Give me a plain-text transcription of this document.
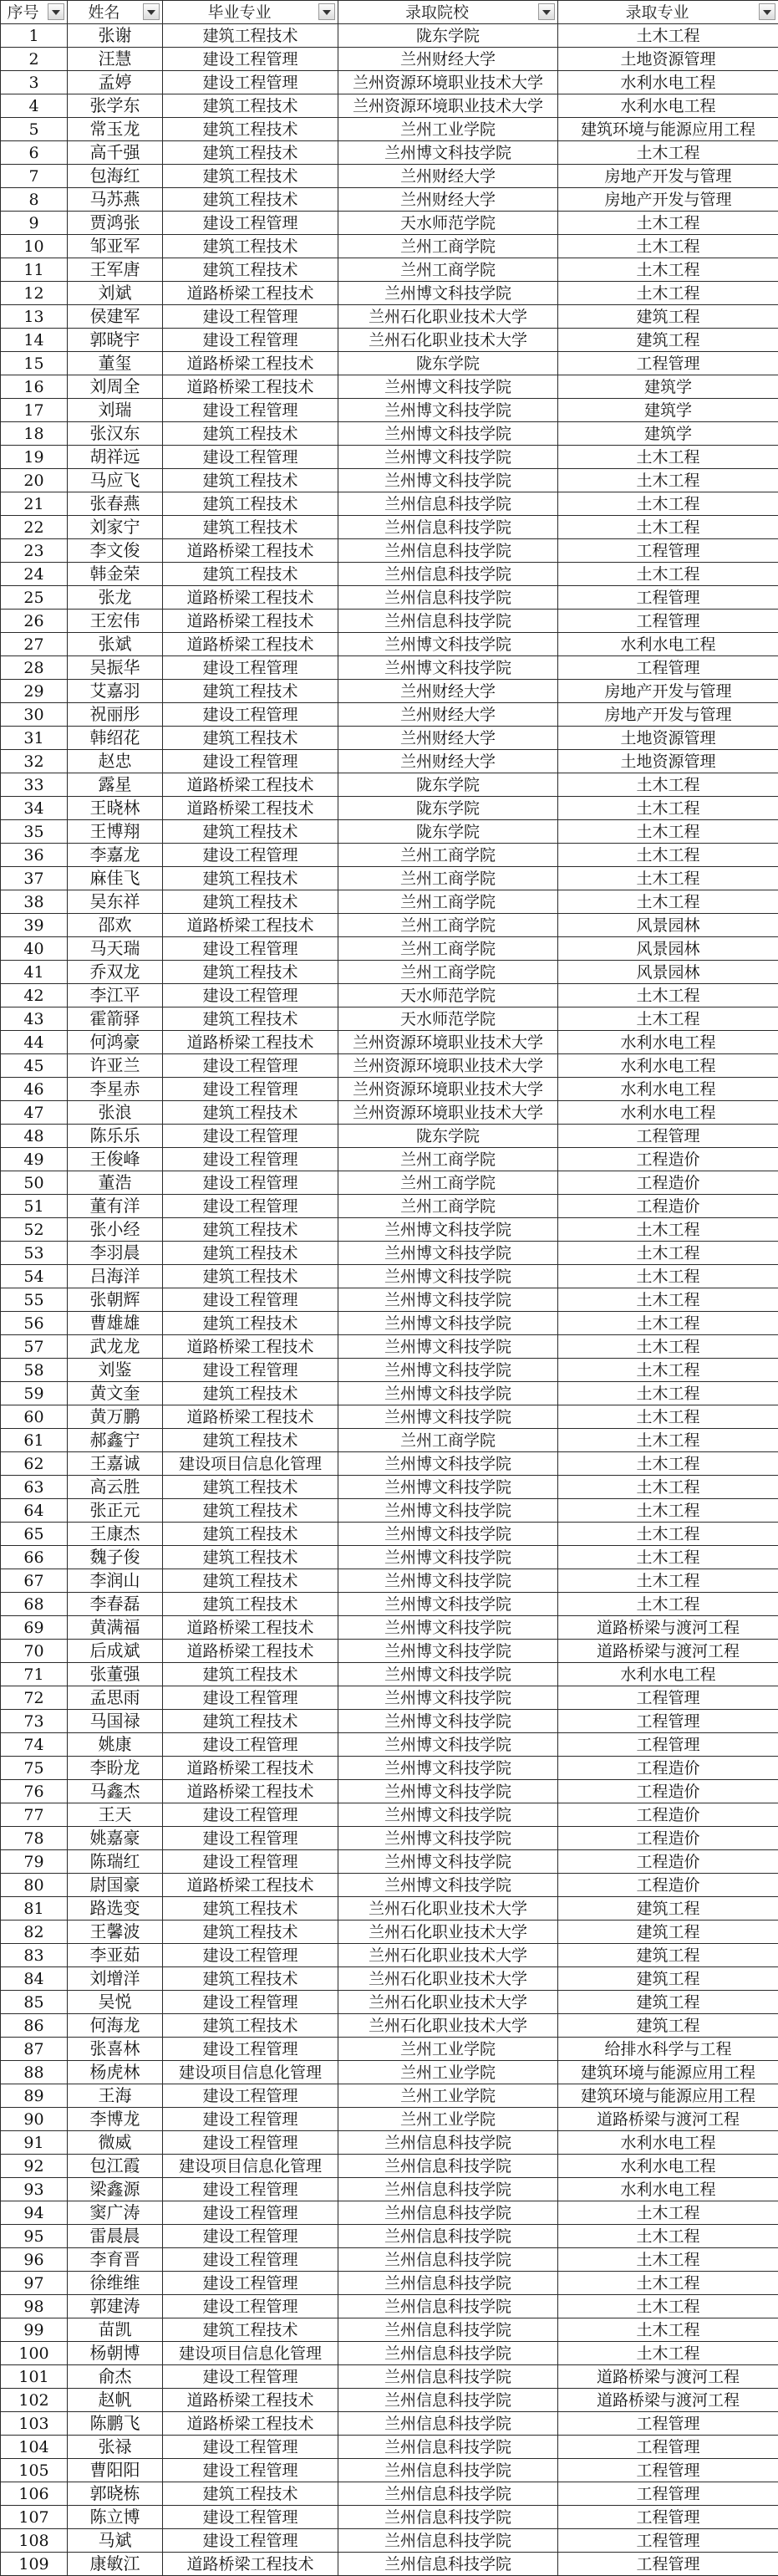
序号	姓名	毕业专业	录取院校	录取专业

1	张谢	建筑工程技术	陇东学院	土木工程
2	汪慧	建设工程管理	兰州财经大学	土地资源管理
3	孟婷	建设工程管理	兰州资源环境职业技术大学	水利水电工程
4	张学东	建筑工程技术	兰州资源环境职业技术大学	水利水电工程
5	常玉龙	建筑工程技术	兰州工业学院	建筑环境与能源应用工程
6	高千强	建筑工程技术	兰州博文科技学院	土木工程
7	包海红	建筑工程技术	兰州财经大学	房地产开发与管理
8	马苏燕	建筑工程技术	兰州财经大学	房地产开发与管理
9	贾鸿张	建设工程管理	天水师范学院	土木工程
10	邹亚军	建筑工程技术	兰州工商学院	土木工程
11	王军唐	建筑工程技术	兰州工商学院	土木工程
12	刘斌	道路桥梁工程技术	兰州博文科技学院	土木工程
13	侯建军	建设工程管理	兰州石化职业技术大学	建筑工程
14	郭晓宇	建设工程管理	兰州石化职业技术大学	建筑工程
15	董玺	道路桥梁工程技术	陇东学院	工程管理
16	刘周全	道路桥梁工程技术	兰州博文科技学院	建筑学
17	刘瑞	建设工程管理	兰州博文科技学院	建筑学
18	张汉东	建筑工程技术	兰州博文科技学院	建筑学
19	胡祥远	建设工程管理	兰州博文科技学院	土木工程
20	马应飞	建筑工程技术	兰州博文科技学院	土木工程
21	张春燕	建筑工程技术	兰州信息科技学院	土木工程
22	刘家宁	建筑工程技术	兰州信息科技学院	土木工程
23	李文俊	道路桥梁工程技术	兰州信息科技学院	工程管理
24	韩金荣	建筑工程技术	兰州信息科技学院	土木工程
25	张龙	道路桥梁工程技术	兰州信息科技学院	工程管理
26	王宏伟	道路桥梁工程技术	兰州信息科技学院	工程管理
27	张斌	道路桥梁工程技术	兰州博文科技学院	水利水电工程
28	吴振华	建设工程管理	兰州博文科技学院	工程管理
29	艾嘉羽	建筑工程技术	兰州财经大学	房地产开发与管理
30	祝丽彤	建设工程管理	兰州财经大学	房地产开发与管理
31	韩绍花	建筑工程技术	兰州财经大学	土地资源管理
32	赵忠	建设工程管理	兰州财经大学	土地资源管理
33	露星	道路桥梁工程技术	陇东学院	土木工程
34	王晓林	道路桥梁工程技术	陇东学院	土木工程
35	王博翔	建筑工程技术	陇东学院	土木工程
36	李嘉龙	建设工程管理	兰州工商学院	土木工程
37	麻佳飞	建筑工程技术	兰州工商学院	土木工程
38	吴东祥	建筑工程技术	兰州工商学院	土木工程
39	邵欢	道路桥梁工程技术	兰州工商学院	风景园林
40	马天瑞	建设工程管理	兰州工商学院	风景园林
41	乔双龙	建筑工程技术	兰州工商学院	风景园林
42	李江平	建设工程管理	天水师范学院	土木工程
43	霍箭驿	建筑工程技术	天水师范学院	土木工程
44	何鸿豪	道路桥梁工程技术	兰州资源环境职业技术大学	水利水电工程
45	许亚兰	建设工程管理	兰州资源环境职业技术大学	水利水电工程
46	李星赤	建设工程管理	兰州资源环境职业技术大学	水利水电工程
47	张浪	建筑工程技术	兰州资源环境职业技术大学	水利水电工程
48	陈乐乐	建设工程管理	陇东学院	工程管理
49	王俊峰	建设工程管理	兰州工商学院	工程造价
50	董浩	建设工程管理	兰州工商学院	工程造价
51	董有洋	建设工程管理	兰州工商学院	工程造价
52	张小经	建筑工程技术	兰州博文科技学院	土木工程
53	李羽晨	建筑工程技术	兰州博文科技学院	土木工程
54	吕海洋	建筑工程技术	兰州博文科技学院	土木工程
55	张朝辉	建设工程管理	兰州博文科技学院	土木工程
56	曹雄雄	建筑工程技术	兰州博文科技学院	土木工程
57	武龙龙	道路桥梁工程技术	兰州博文科技学院	土木工程
58	刘鉴	建设工程管理	兰州博文科技学院	土木工程
59	黄文奎	建筑工程技术	兰州博文科技学院	土木工程
60	黄万鹏	道路桥梁工程技术	兰州博文科技学院	土木工程
61	郝鑫宁	建筑工程技术	兰州工商学院	土木工程
62	王嘉诚	建设项目信息化管理	兰州博文科技学院	土木工程
63	高云胜	建筑工程技术	兰州博文科技学院	土木工程
64	张正元	建筑工程技术	兰州博文科技学院	土木工程
65	王康杰	建筑工程技术	兰州博文科技学院	土木工程
66	魏子俊	建筑工程技术	兰州博文科技学院	土木工程
67	李润山	建筑工程技术	兰州博文科技学院	土木工程
68	李春磊	建筑工程技术	兰州博文科技学院	土木工程
69	黄满福	道路桥梁工程技术	兰州博文科技学院	道路桥梁与渡河工程
70	后成斌	道路桥梁工程技术	兰州博文科技学院	道路桥梁与渡河工程
71	张董强	建筑工程技术	兰州博文科技学院	水利水电工程
72	孟思雨	建设工程管理	兰州博文科技学院	工程管理
73	马国禄	建筑工程技术	兰州博文科技学院	工程管理
74	姚康	建设工程管理	兰州博文科技学院	工程管理
75	李盼龙	道路桥梁工程技术	兰州博文科技学院	工程造价
76	马鑫杰	道路桥梁工程技术	兰州博文科技学院	工程造价
77	王天	建设工程管理	兰州博文科技学院	工程造价
78	姚嘉豪	建设工程管理	兰州博文科技学院	工程造价
79	陈瑞红	建设工程管理	兰州博文科技学院	工程造价
80	尉国豪	道路桥梁工程技术	兰州博文科技学院	工程造价
81	路选变	建筑工程技术	兰州石化职业技术大学	建筑工程
82	王馨波	建筑工程技术	兰州石化职业技术大学	建筑工程
83	李亚茹	建设工程管理	兰州石化职业技术大学	建筑工程
84	刘增洋	建筑工程技术	兰州石化职业技术大学	建筑工程
85	吴悦	建设工程管理	兰州石化职业技术大学	建筑工程
86	何海龙	建筑工程技术	兰州石化职业技术大学	建筑工程
87	张喜林	建设工程管理	兰州工业学院	给排水科学与工程
88	杨虎林	建设项目信息化管理	兰州工业学院	建筑环境与能源应用工程
89	王海	建设工程管理	兰州工业学院	建筑环境与能源应用工程
90	李博龙	建设工程管理	兰州工业学院	道路桥梁与渡河工程
91	微威	建设工程管理	兰州信息科技学院	水利水电工程
92	包江霞	建设项目信息化管理	兰州信息科技学院	水利水电工程
93	梁鑫源	建设工程管理	兰州信息科技学院	水利水电工程
94	窦广涛	建设工程管理	兰州信息科技学院	土木工程
95	雷晨晨	建设工程管理	兰州信息科技学院	土木工程
96	李育晋	建设工程管理	兰州信息科技学院	土木工程
97	徐维维	建设工程管理	兰州信息科技学院	土木工程
98	郭建涛	建设工程管理	兰州信息科技学院	土木工程
99	苗凯	建筑工程技术	兰州信息科技学院	土木工程
100	杨朝博	建设项目信息化管理	兰州信息科技学院	土木工程
101	俞杰	建设工程管理	兰州信息科技学院	道路桥梁与渡河工程
102	赵帆	道路桥梁工程技术	兰州信息科技学院	道路桥梁与渡河工程
103	陈鹏飞	道路桥梁工程技术	兰州信息科技学院	工程管理
104	张禄	建设工程管理	兰州信息科技学院	工程管理
105	曹阳阳	建设工程管理	兰州信息科技学院	工程管理
106	郭晓栋	建筑工程技术	兰州信息科技学院	工程管理
107	陈立博	建设工程管理	兰州信息科技学院	工程管理
108	马斌	建设工程管理	兰州信息科技学院	工程管理
109	康敏江	道路桥梁工程技术	兰州信息科技学院	工程管理
